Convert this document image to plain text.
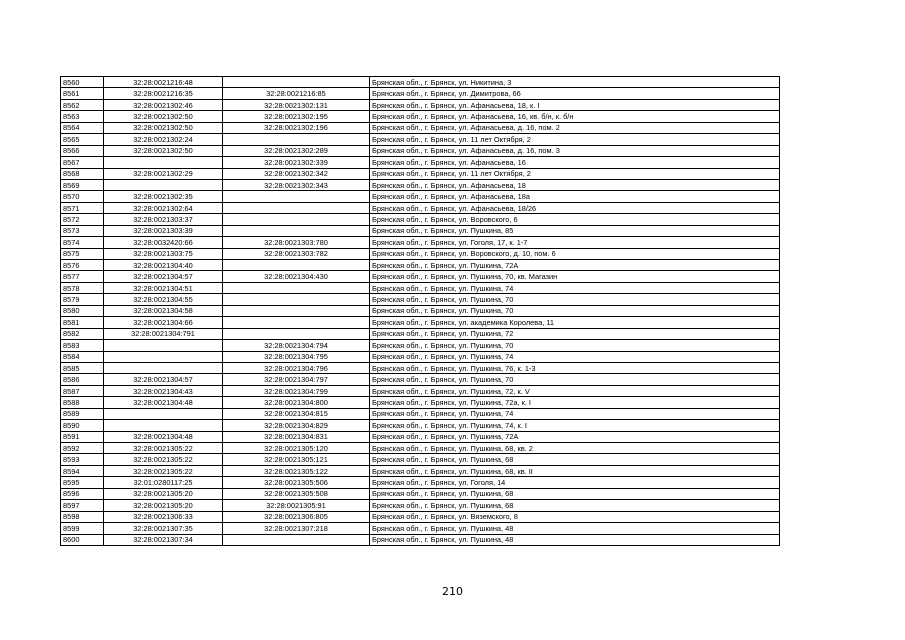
8560	32:28:0021216:48		Брянская обл., г. Брянск, ул. Никитина, 3
8561	32:28:0021216:35	32:28:0021216:85	Брянская обл., г. Брянск, ул. Димитрова, 66
8562	32:28:0021302:46	32:28:0021302:131	Брянская обл., г. Брянск, ул. Афанасьева, 18, к. I
8563	32:28:0021302:50	32:28:0021302:195	Брянская обл., г. Брянск, ул. Афанасьева, 16, кв. б/н, к. б/н
8564	32:28:0021302:50	32:28:0021302:196	Брянская обл., г. Брянск, ул. Афанасьева, д. 16, пом. 2
8565	32:28:0021302:24		Брянская обл., г. Брянск, ул. 11 лет Октября, 2
8566	32:28:0021302:50	32:28:0021302:289	Брянская обл., г. Брянск, ул. Афанасьева, д. 16, пом. 3
8567		32:28:0021302:339	Брянская обл., г. Брянск, ул. Афанасьева, 16
8568	32:28:0021302:29	32:28:0021302:342	Брянская обл., г. Брянск, ул. 11 лет Октября, 2
8569		32:28:0021302:343	Брянская обл., г. Брянск, ул. Афанасьева, 18
8570	32:28:0021302:35		Брянская обл., г. Брянск, ул. Афанасьева, 18а
8571	32:28:0021302:64		Брянская обл., г. Брянск, ул. Афанасьева, 18/26
8572	32:28:0021303:37		Брянская обл., г. Брянск, ул. Воровского, 6
8573	32:28:0021303:39		Брянская обл., г. Брянск, ул. Пушкина, 85
8574	32:28:0032420:66	32:28:0021303:780	Брянская обл., г. Брянск, ул. Гоголя, 17, к. 1-7
8575	32:28:0021303:75	32:28:0021303:782	Брянская обл., г. Брянск, ул. Воровского, д. 10, пом. 6
8576	32:28:0021304:40		Брянская обл., г. Брянск, ул. Пушкина, 72А
8577	32:28:0021304:57	32:28:0021304:430	Брянская обл., г. Брянск, ул. Пушкина, 70, кв. Магазин
8578	32:28:0021304:51		Брянская обл., г. Брянск, ул. Пушкина, 74
8579	32:28:0021304:55		Брянская обл., г. Брянск, ул. Пушкина, 70
8580	32:28:0021304:58		Брянская обл., г. Брянск, ул. Пушкина, 70
8581	32:28:0021304:66		Брянская обл., г. Брянск, ул. академика Королева, 11
8582	32:28:0021304:791		Брянская обл., г. Брянск, ул. Пушкина, 72
8583		32:28:0021304:794	Брянская обл., г. Брянск, ул. Пушкина, 70
8584		32:28:0021304:795	Брянская обл., г. Брянск, ул. Пушкина, 74
8585		32:28:0021304:796	Брянская обл., г. Брянск, ул. Пушкина, 76, к. 1-3
8586	32:28:0021304:57	32:28:0021304:797	Брянская обл., г. Брянск, ул. Пушкина, 70
8587	32:28:0021304:43	32:28:0021304:799	Брянская обл., г. Брянск, ул. Пушкина, 72, к. V
8588	32:28:0021304:48	32:28:0021304:800	Брянская обл., г. Брянск, ул. Пушкина, 72а, к. I
8589		32:28:0021304:815	Брянская обл., г. Брянск, ул. Пушкина, 74
8590		32:28:0021304:829	Брянская обл., г. Брянск, ул. Пушкина, 74, к. I
8591	32:28:0021304:48	32:28:0021304:831	Брянская обл., г. Брянск, ул. Пушкина, 72А
8592	32:28:0021305:22	32:28:0021305:120	Брянская обл., г. Брянск, ул. Пушкина, 68, кв. 2
8593	32:28:0021305:22	32:28:0021305:121	Брянская обл., г. Брянск, ул. Пушкина, 68
8594	32:28:0021305:22	32:28:0021305:122	Брянская обл., г. Брянск, ул. Пушкина, 68, кв. II
8595	32:01:0280117:25	32:28:0021305:506	Брянская обл., г. Брянск, ул. Гоголя, 14
8596	32:28:0021305:20	32:28:0021305:508	Брянская обл., г. Брянск, ул. Пушкина, 68
8597	32:28:0021305:20	32:28:0021305:91	Брянская обл., г. Брянск, ул. Пушкина, 68
8598	32:28:0021306:33	32:28:0021306:805	Брянская обл., г. Брянск, ул. Вяземского, 8
8599	32:28:0021307:35	32:28:0021307:218	Брянская обл., г. Брянск, ул. Пушкина, 48
8600	32:28:0021307:34		Брянская обл., г. Брянск, ул. Пушкина, 48
210
